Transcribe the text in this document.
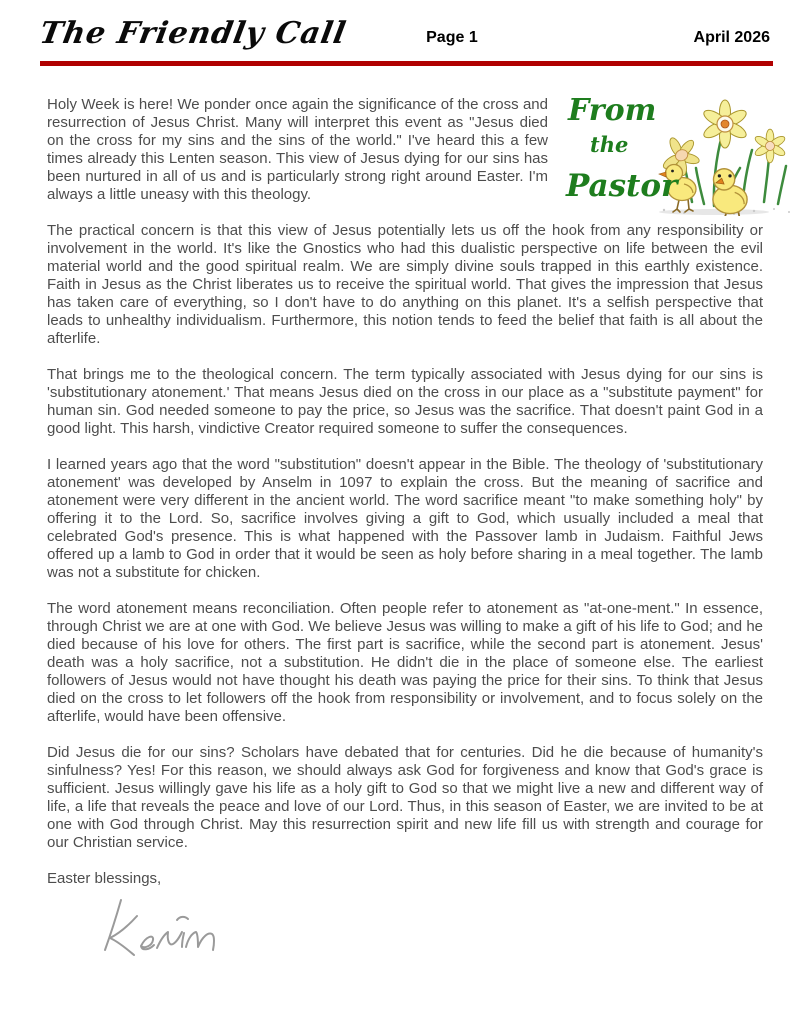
The Friendly Call	Page 1	April 2026
From
the
Pastor

Holy Week is here! We ponder once again the significance of the cross and resurrection of Jesus Christ. Many will interpret this event as "Jesus died on the cross for my sins and the sins of the world." I've heard this a few times already this Lenten season. This view of Jesus dying for our sins has been nurtured in all of us and is particularly strong right around Easter. I'm always a little uneasy with this theology.

The practical concern is that this view of Jesus potentially lets us off the hook from any responsibility or involvement in the world. It's like the Gnostics who had this dualistic perspective on life between the evil material world and the good spiritual realm. We are simply divine souls trapped in this earthly existence. Faith in Jesus as the Christ liberates us to receive the spiritual world. That gives the impression that Jesus has taken care of everything, so I don't have to do anything on this planet. It's a selfish perspective that leads to unhealthy individualism. Furthermore, this notion tends to feed the belief that faith is all about the afterlife.

That brings me to the theological concern. The term typically associated with Jesus dying for our sins is 'substitutionary atonement.' That means Jesus died on the cross in our place as a "substitute payment" for human sin. God needed someone to pay the price, so Jesus was the sacrifice. That doesn't paint God in a good light. This harsh, vindictive Creator required someone to suffer the consequences.

I learned years ago that the word "substitution" doesn't appear in the Bible. The theology of 'substitutionary atonement' was developed by Anselm in 1097 to explain the cross. But the meaning of sacrifice and atonement were very different in the ancient world. The word sacrifice meant "to make something holy" by offering it to the Lord. So, sacrifice involves giving a gift to God, which usually included a meal that celebrated God's presence. This is what happened with the Passover lamb in Judaism. Faithful Jews offered up a lamb to God in order that it would be seen as holy before sharing in a meal together. The lamb was not a substitute for chicken.

The word atonement means reconciliation. Often people refer to atonement as "at-one-ment." In essence, through Christ we are at one with God. We believe Jesus was willing to make a gift of his life to God; and he died because of his love for others. The first part is sacrifice, while the second part is atonement. Jesus' death was a holy sacrifice, not a substitution. He didn't die in the place of someone else. The earliest followers of Jesus would not have thought his death was paying the price for their sins. To think that Jesus died on the cross to let followers off the hook from responsibility or involvement, and to focus solely on the afterlife, would have been offensive.

Did Jesus die for our sins? Scholars have debated that for centuries. Did he die because of humanity's sinfulness? Yes! For this reason, we should always ask God for forgiveness and know that God's grace is sufficient. Jesus willingly gave his life as a holy gift to God so that we might live a new and different way of life, a life that reveals the peace and love of our Lord. Thus, in this season of Easter, we are invited to be at one with God through Christ. May this resurrection spirit and new life fill us with strength and courage for our Christian service.

Easter blessings,
